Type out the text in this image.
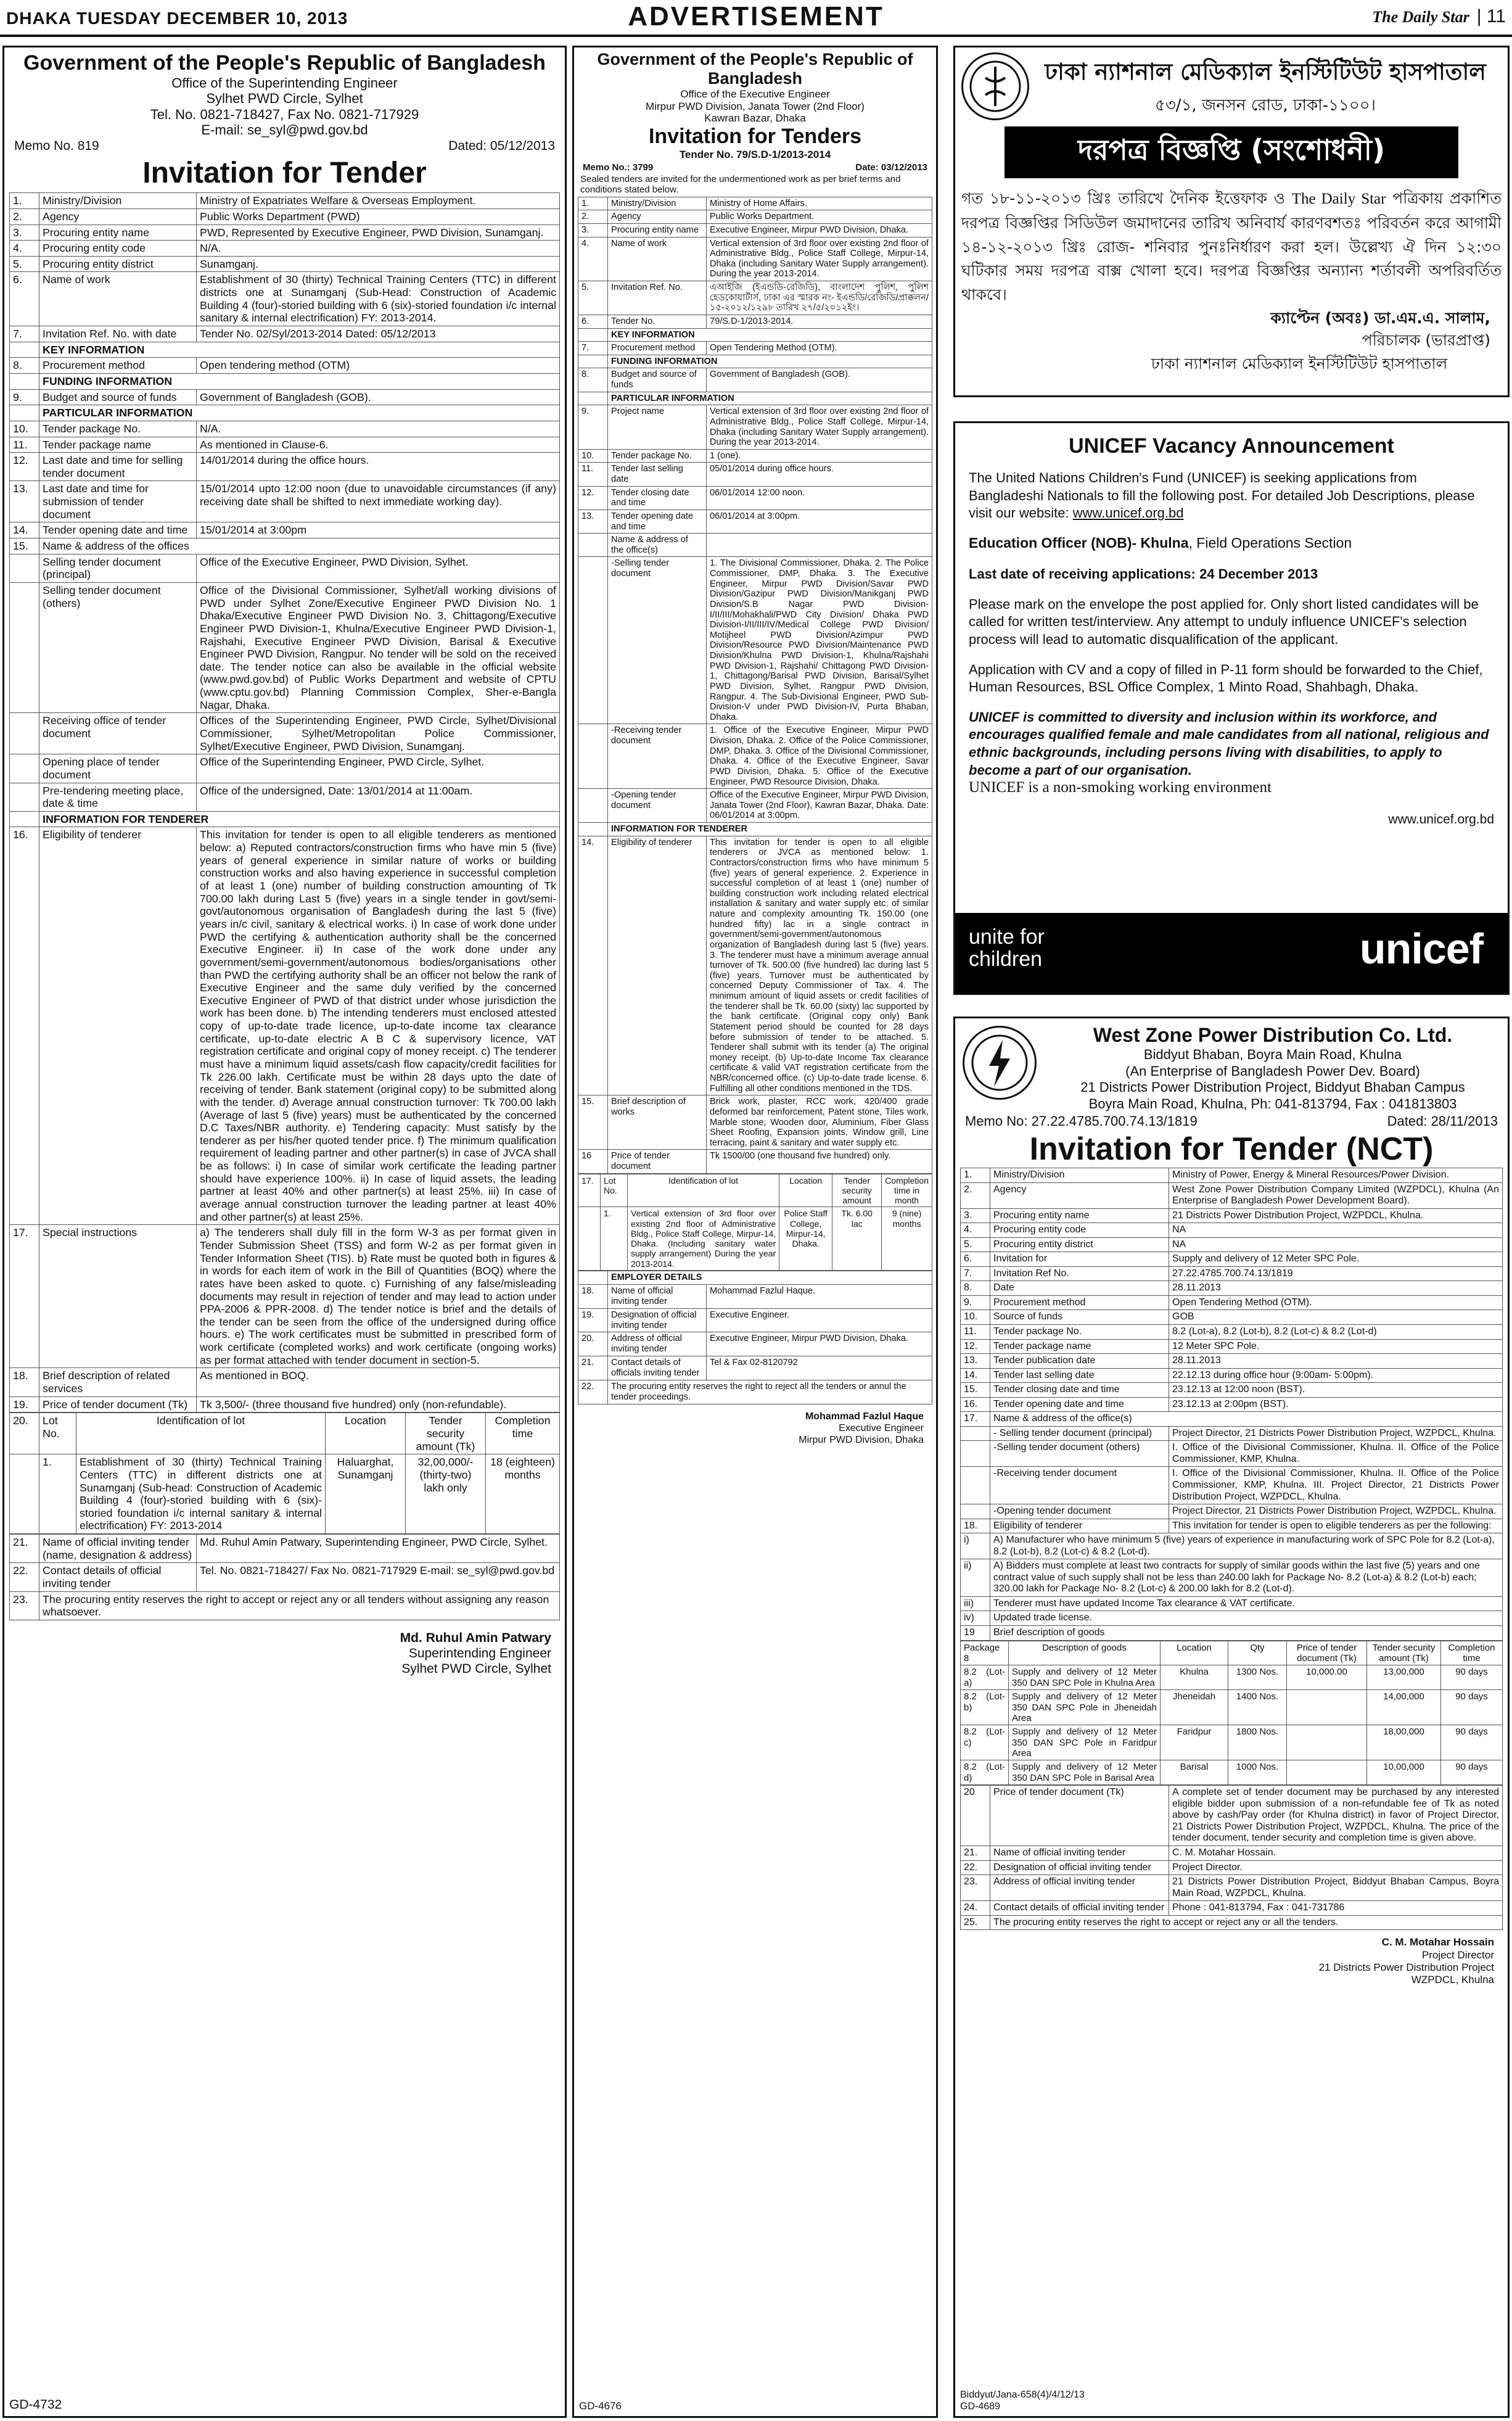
DHAKA TUESDAY DECEMBER 10, 2013	ADVERTISEMENT	The Daily Star | 11
Government of the People's Republic of Bangladesh
Office of the Superintending Engineer
Sylhet PWD Circle, Sylhet
Tel. No. 0821-718427, Fax No. 0821-717929
E-mail: se_syl@pwd.gov.bd
Memo No. 819	Dated: 05/12/2013
Invitation for Tender
1.	Ministry/Division	Ministry of Expatriates Welfare & Overseas Employment.
2.	Agency	Public Works Department (PWD)
3.	Procuring entity name	PWD, Represented by Executive Engineer, PWD Division, Sunamganj.
4.	Procuring entity code	N/A.
5.	Procuring entity district	Sunamganj.
6.	Name of work	Establishment of 30 (thirty) Technical Training Centers (TTC) in different districts one at Sunamganj (Sub-Head: Construction of Academic Building 4 (four)-storied building with 6 (six)-storied foundation i/c internal sanitary & internal electrification) FY: 2013-2014.
7.	Invitation Ref. No. with date	Tender No. 02/Syl/2013-2014 Dated: 05/12/2013
	KEY INFORMATION	
8.	Procurement method	Open tendering method (OTM)
	FUNDING INFORMATION	
9.	Budget and source of funds	Government of Bangladesh (GOB).
	PARTICULAR INFORMATION	
10.	Tender package No.	N/A.
11.	Tender package name	As mentioned in Clause-6.
12.	Last date and time for selling tender document	14/01/2014 during the office hours.
13.	Last date and time for submission of tender document	15/01/2014 upto 12:00 noon (due to unavoidable circumstances (if any) receiving date shall be shifted to next immediate working day).
14.	Tender opening date and time	15/01/2014 at 3:00pm
15.	Name & address of the offices	
	Selling tender document (principal)	Office of the Executive Engineer, PWD Division, Sylhet.
	Selling tender document (others)	Office of the Divisional Commissioner, Sylhet/all working divisions of PWD under Sylhet Zone/Executive Engineer PWD Division No. 1 Dhaka/Executive Engineer PWD Division No. 3, Chittagong/Executive Engineer PWD Division-1, Khulna/Executive Engineer PWD Division-1, Rajshahi, Executive Engineer PWD Division, Barisal & Executive Engineer PWD Division, Rangpur. No tender will be sold on the received date. The tender notice can also be available in the official website (www.pwd.gov.bd) of Public Works Department and website of CPTU (www.cptu.gov.bd) Planning Commission Complex, Sher-e-Bangla Nagar, Dhaka.
	Receiving office of tender document	Offices of the Superintending Engineer, PWD Circle, Sylhet/Divisional Commissioner, Sylhet/Metropolitan Police Commissioner, Sylhet/Executive Engineer, PWD Division, Sunamganj.
	Opening place of tender document	Office of the Superintending Engineer, PWD Circle, Sylhet.
	Pre-tendering meeting place, date & time	Office of the undersigned, Date: 13/01/2014 at 11:00am.
	INFORMATION FOR TENDERER	
16.	Eligibility of tenderer	This invitation for tender is open to all eligible tenderers as mentioned below: a) Reputed contractors/construction firms who have min 5 (five) years of general experience in similar nature of works or building construction works and also having experience in successful completion of at least 1 (one) number of building construction amounting of Tk 700.00 lakh during Last 5 (five) years in a single tender in govt/semi-govt/autonomous organisation of Bangladesh during the last 5 (five) years in/c civil, sanitary & electrical works. i) In case of work done under PWD the certifying & authentication authority shall be the concerned Executive Engineer. ii) In case of the work done under any government/semi-government/autonomous bodies/organisations other than PWD the certifying authority shall be an officer not below the rank of Executive Engineer and the same duly verified by the concerned Executive Engineer of PWD of that district under whose jurisdiction the work has been done. b) The intending tenderers must enclosed attested copy of up-to-date trade licence, up-to-date income tax clearance certificate, up-to-date electric A B C & supervisory licence, VAT registration certificate and original copy of money receipt. c) The tenderer must have a minimum liquid assets/cash flow capacity/credit facilities for Tk 226.00 lakh. Certificate must be within 28 days upto the date of receiving of tender. Bank statement (original copy) to be submitted along with the tender. d) Average annual construction turnover: Tk 700.00 lakh (Average of last 5 (five) years) must be authenticated by the concerned D.C Taxes/NBR authority. e) Tendering capacity: Must satisfy by the tenderer as per his/her quoted tender price. f) The minimum qualification requirement of leading partner and other partner(s) in case of JVCA shall be as follows: i) In case of similar work certificate the leading partner should have experience 100%. ii) In case of liquid assets, the leading partner at least 40% and other partner(s) at least 25%. iii) In case of average annual construction turnover the leading partner at least 40% and other partner(s) at least 25%.
17.	Special instructions	a) The tenderers shall duly fill in the form W-3 as per format given in Tender Submission Sheet (TSS) and form W-2 as per format given in Tender Information Sheet (TIS). b) Rate must be quoted both in figures & in words for each item of work in the Bill of Quantities (BOQ) where the rates have been asked to quote. c) Furnishing of any false/misleading documents may result in rejection of tender and may lead to action under PPA-2006 & PPR-2008. d) The tender notice is brief and the details of the tender can be seen from the office of the undersigned during office hours. e) The work certificates must be submitted in prescribed form of work certificate (completed works) and work certificate (ongoing works) as per format attached with tender document in section-5.
18.	Brief description of related services	As mentioned in BOQ.
19.	Price of tender document (Tk)	Tk 3,500/- (three thousand five hundred) only (non-refundable).
20.	Lot No.	Identification of lot	Location	Tender security amount (Tk)	Completion time
	1.	Establishment of 30 (thirty) Technical Training Centers (TTC) in different districts one at Sunamganj (Sub-head: Construction of Academic Building 4 (four)-storied building with 6 (six)-storied foundation i/c internal sanitary & internal electrification) FY: 2013-2014	Haluarghat, Sunamganj	32,00,000/- (thirty-two) lakh only	18 (eighteen) months
21.	Name of official inviting tender (name, designation & address)	Md. Ruhul Amin Patwary, Superintending Engineer, PWD Circle, Sylhet.
22.	Contact details of official inviting tender	Tel. No. 0821-718427/ Fax No. 0821-717929 E-mail: se_syl@pwd.gov.bd
23.	The procuring entity reserves the right to accept or reject any or all tenders without assigning any reason whatsoever.	
Md. Ruhul Amin Patwary
Superintending Engineer
Sylhet PWD Circle, Sylhet
GD-4732
Government of the People's Republic of Bangladesh
Office of the Executive Engineer
Mirpur PWD Division, Janata Tower (2nd Floor)
Kawran Bazar, Dhaka
Invitation for Tenders
Tender No. 79/S.D-1/2013-2014
Memo No.: 3799	Date: 03/12/2013
Sealed tenders are invited for the undermentioned work as per brief terms and conditions stated below.
1.	Ministry/Division	Ministry of Home Affairs.
2.	Agency	Public Works Department.
3.	Procuring entity name	Executive Engineer, Mirpur PWD Division, Dhaka.
4.	Name of work	Vertical extension of 3rd floor over existing 2nd floor of Administrative Bldg., Police Staff College, Mirpur-14, Dhaka (including Sanitary Water Supply arrangement). During the year 2013-2014.
5.	Invitation Ref. No.	এআইজি (ইএন্ডডি-রেজিডি), বাংলাদেশ পুলিশ, পুলিশ হেডকোয়ার্টার্স, ঢাকা এর স্মারক নং- ইএন্ডডি/রেজিডি/প্রাক্কলন/১৫-২০১২/১২৯৮ তারিখ ২৭/৫/২০১২ইং।
6.	Tender No.	79/S.D-1/2013-2014.
	KEY INFORMATION	
7.	Procurement method	Open Tendering Method (OTM).
	FUNDING INFORMATION	
8.	Budget and source of funds	Government of Bangladesh (GOB).
	PARTICULAR INFORMATION	
9.	Project name	Vertical extension of 3rd floor over existing 2nd floor of Administrative Bldg., Police Staff College, Mirpur-14, Dhaka (including Sanitary Water Supply arrangement). During the year 2013-2014.
10.	Tender package No.	1 (one).
11.	Tender last selling date	05/01/2014 during office hours.
12.	Tender closing date and time	06/01/2014 12:00 noon.
13.	Tender opening date and time	06/01/2014 at 3:00pm.
	Name & address of the office(s)	
	-Selling tender document	1. The Divisional Commissioner, Dhaka. 2. The Police Commissioner, DMP, Dhaka. 3. The Executive Engineer, Mirpur PWD Division/Savar PWD Division/Gazipur PWD Division/Manikganj PWD Division/S.B Nagar PWD Division-I/II/III/Mohakhali/PWD City Division/ Dhaka PWD Division-I/II/III/IV/Medical College PWD Division/ Motijheel PWD Division/Azimpur PWD Division/Resource PWD Division/Maintenance PWD Division/Khulna PWD Division-1, Khulna/Rajshahi PWD Division-1, Rajshahi/ Chittagong PWD Division-1, Chittagong/Barisal PWD Division, Barisal/Sylhet PWD Division, Sylhet, Rangpur PWD Division, Rangpur. 4. The Sub-Divisional Engineer, PWD Sub-Division-V under PWD Division-IV, Purta Bhaban, Dhaka.
	-Receiving tender document	1. Office of the Executive Engineer, Mirpur PWD Division, Dhaka. 2. Office of the Police Commissioner, DMP, Dhaka. 3. Office of the Divisional Commissioner, Dhaka. 4. Office of the Executive Engineer, Savar PWD Division, Dhaka. 5. Office of the Executive Engineer, PWD Resource Division, Dhaka.
	-Opening tender document	Office of the Executive Engineer, Mirpur PWD Division, Janata Tower (2nd Floor), Kawran Bazar, Dhaka. Date: 06/01/2014 at 3:00pm.
	INFORMATION FOR TENDERER	
14.	Eligibility of tenderer	This invitation for tender is open to all eligible tenderers or JVCA as mentioned below: 1. Contractors/construction firms who have minimum 5 (five) years of general experience. 2. Experience in successful completion of at least 1 (one) number of building construction work including related electrical installation & sanitary and water supply etc. of similar nature and complexity amounting Tk. 150.00 (one hundred fifty) lac in a single contract in government/semi-government/autonomous organization of Bangladesh during last 5 (five) years. 3. The tenderer must have a minimum average annual turnover of Tk. 500.00 (five hundred) lac during last 5 (five) years. Turnover must be authenticated by concerned Deputy Commissioner of Tax. 4. The minimum amount of liquid assets or credit facilities of the tenderer shall be Tk. 60.00 (sixty) lac supported by the bank certificate. (Original copy only) Bank Statement period should be counted for 28 days before submission of tender to be attached. 5. Tenderer shall submit with its tender (a) The original money receipt. (b) Up-to-date Income Tax clearance certificate & valid VAT registration certificate from the NBR/concerned office. (c) Up-to-date trade license. 6. Fulfilling all other conditions mentioned in the TDS.
15.	Brief description of works	Brick work, plaster, RCC work, 420/400 grade deformed bar reinforcement, Patent stone, Tiles work, Marble stone, Wooden door, Aluminium, Fiber Glass Sheet Roofing, Expansion joints, Window grill, Line terracing, paint & sanitary and water supply etc.
16	Price of tender document	Tk 1500/00 (one thousand five hundred) only.
17.	Lot No.	Identification of lot	Location	Tender security amount	Completion time in month
	1.	Vertical extension of 3rd floor over existing 2nd floor of Administrative Bldg., Police Staff College, Mirpur-14, Dhaka. (Including sanitary water supply arrangement) During the year 2013-2014.	Police Staff College, Mirpur-14, Dhaka.	Tk. 6.00 lac	9 (nine) months
	EMPLOYER DETAILS	
18.	Name of official inviting tender	Mohammad Fazlul Haque.
19.	Designation of official inviting tender	Executive Engineer.
20.	Address of official inviting tender	Executive Engineer, Mirpur PWD Division, Dhaka.
21.	Contact details of officials inviting tender	Tel & Fax 02-8120792
22.	The procuring entity reserves the right to reject all the tenders or annul the tender proceedings.	
Mohammad Fazlul Haque
Executive Engineer
Mirpur PWD Division, Dhaka
GD-4676
ঢাকা ন্যাশনাল মেডিক্যাল ইনস্টিটিউট হাসপাতাল
৫৩/১, জনসন রোড, ঢাকা-১১০০।
দরপত্র বিজ্ঞপ্তি (সংশোধনী)
গত ১৮-১১-২০১৩ খ্রিঃ তারিখে দৈনিক ইত্তেফাক ও The Daily Star পত্রিকায় প্রকাশিত দরপত্র বিজ্ঞপ্তির সিডিউল জমাদানের তারিখ অনিবার্য কারণবশতঃ পরিবর্তন করে আগামী ১৪-১২-২০১৩ খ্রিঃ রোজ- শনিবার পুনঃনির্ধারণ করা হল। উল্লেখ্য ঐ দিন ১২:৩০ ঘটিকার সময় দরপত্র বাক্স খোলা হবে। দরপত্র বিজ্ঞপ্তির অন্যান্য শর্তাবলী অপরিবর্তিত থাকবে।
ক্যাপ্টেন (অবঃ) ডা.এম.এ. সালাম,
পরিচালক (ভারপ্রাপ্ত)
ঢাকা ন্যাশনাল মেডিক্যাল ইনস্টিটিউট হাসপাতাল
UNICEF Vacancy Announcement
The United Nations Children's Fund (UNICEF) is seeking applications from Bangladeshi Nationals to fill the following post. For detailed Job Descriptions, please visit our website: www.unicef.org.bd
Education Officer (NOB)- Khulna, Field Operations Section
Last date of receiving applications: 24 December 2013
Please mark on the envelope the post applied for. Only short listed candidates will be called for written test/interview. Any attempt to unduly influence UNICEF's selection process will lead to automatic disqualification of the applicant.
Application with CV and a copy of filled in P-11 form should be forwarded to the Chief, Human Resources, BSL Office Complex, 1 Minto Road, Shahbagh, Dhaka.
UNICEF is committed to diversity and inclusion within its workforce, and encourages qualified female and male candidates from all national, religious and ethnic backgrounds, including persons living with disabilities, to apply to become a part of our organisation.
UNICEF is a non-smoking working environment
www.unicef.org.bd
unite for
children	unicef
West Zone Power Distribution Co. Ltd.
Biddyut Bhaban, Boyra Main Road, Khulna
(An Enterprise of Bangladesh Power Dev. Board)
21 Districts Power Distribution Project, Biddyut Bhaban Campus
Boyra Main Road, Khulna, Ph: 041-813794, Fax : 041813803
Memo No: 27.22.4785.700.74.13/1819	Dated: 28/11/2013
Invitation for Tender (NCT)
1.	Ministry/Division	Ministry of Power, Energy & Mineral Resources/Power Division.
2.	Agency	West Zone Power Distribution Company Limited (WZPDCL), Khulna (An Enterprise of Bangladesh Power Development Board).
3.	Procuring entity name	21 Districts Power Distribution Project, WZPDCL, Khulna.
4.	Procuring entity code	NA
5.	Procuring entity district	NA
6.	Invitation for	Supply and delivery of 12 Meter SPC Pole.
7.	Invitation Ref No.	27.22.4785.700.74.13/1819
8.	Date	28.11.2013
9.	Procurement method	Open Tendering Method (OTM).
10.	Source of funds	GOB
11.	Tender package No.	8.2 (Lot-a), 8.2 (Lot-b), 8.2 (Lot-c) & 8.2 (Lot-d)
12.	Tender package name	12 Meter SPC Pole.
13.	Tender publication date	28.11.2013
14.	Tender last selling date	22.12.13 during office hour (9:00am- 5:00pm).
15.	Tender closing date and time	23.12.13 at 12:00 noon (BST).
16.	Tender opening date and time	23.12.13 at 2:00pm (BST).
17.	Name & address of the office(s)	
	- Selling tender document (principal)	Project Director, 21 Districts Power Distribution Project, WZPDCL, Khulna.
	-Selling tender document (others)	I. Office of the Divisional Commissioner, Khulna. II. Office of the Police Commissioner, KMP, Khulna.
	-Receiving tender document	I. Office of the Divisional Commissioner, Khulna. II. Office of the Police Commissioner, KMP, Khulna. III. Project Director, 21 Districts Power Distribution Project, WZPDCL, Khulna.
	-Opening tender document	Project Director, 21 Districts Power Distribution Project, WZPDCL, Khulna.
18.	Eligibility of tenderer	This invitation for tender is open to eligible tenderers as per the following:
i)	A) Manufacturer who have minimum 5 (five) years of experience in manufacturing work of SPC Pole for 8.2 (Lot-a), 8.2 (Lot-b), 8.2 (Lot-c) & 8.2 (Lot-d).	
ii)	A) Bidders must complete at least two contracts for supply of similar goods within the last five (5) years and one contract value of such supply shall not be less than 240.00 lakh for Package No- 8.2 (Lot-a) & 8.2 (Lot-b) each; 320.00 lakh for Package No- 8.2 (Lot-c) & 200.00 lakh for 8.2 (Lot-d).	
iii)	Tenderer must have updated Income Tax clearance & VAT certificate.	
iv)	Updated trade license.	
19	Brief description of goods	
Package 8	Description of goods	Location	Qty	Price of tender document (Tk)	Tender security amount (Tk)	Completion time
8.2 (Lot-a)	Supply and delivery of 12 Meter 350 DAN SPC Pole in Khulna Area	Khulna	1300 Nos.	10,000.00	13,00,000	90 days
8.2 (Lot-b)	Supply and delivery of 12 Meter 350 DAN SPC Pole in Jheneidah Area	Jheneidah	1400 Nos.		14,00,000	90 days
8.2 (Lot-c)	Supply and delivery of 12 Meter 350 DAN SPC Pole in Faridpur Area	Faridpur	1800 Nos.		18,00,000	90 days
8.2 (Lot-d)	Supply and delivery of 12 Meter 350 DAN SPC Pole in Barisal Area	Barisal	1000 Nos.		10,00,000	90 days
20	Price of tender document (Tk)	A complete set of tender document may be purchased by any interested eligible bidder upon submission of a non-refundable fee of Tk as noted above by cash/Pay order (for Khulna district) in favor of Project Director, 21 Districts Power Distribution Project, WZPDCL, Khulna. The price of the tender document, tender security and completion time is given above.
21.	Name of official inviting tender	C. M. Motahar Hossain.
22.	Designation of official inviting tender	Project Director.
23.	Address of official inviting tender	21 Districts Power Distribution Project, Biddyut Bhaban Campus, Boyra Main Road, WZPDCL, Khulna.
24.	Contact details of official inviting tender	Phone : 041-813794, Fax : 041-731786
25.	The procuring entity reserves the right to accept or reject any or all the tenders.	
C. M. Motahar Hossain
Project Director
21 Districts Power Distribution Project
WZPDCL, Khulna
Biddyut/Jana-658(4)/4/12/13
GD-4689
